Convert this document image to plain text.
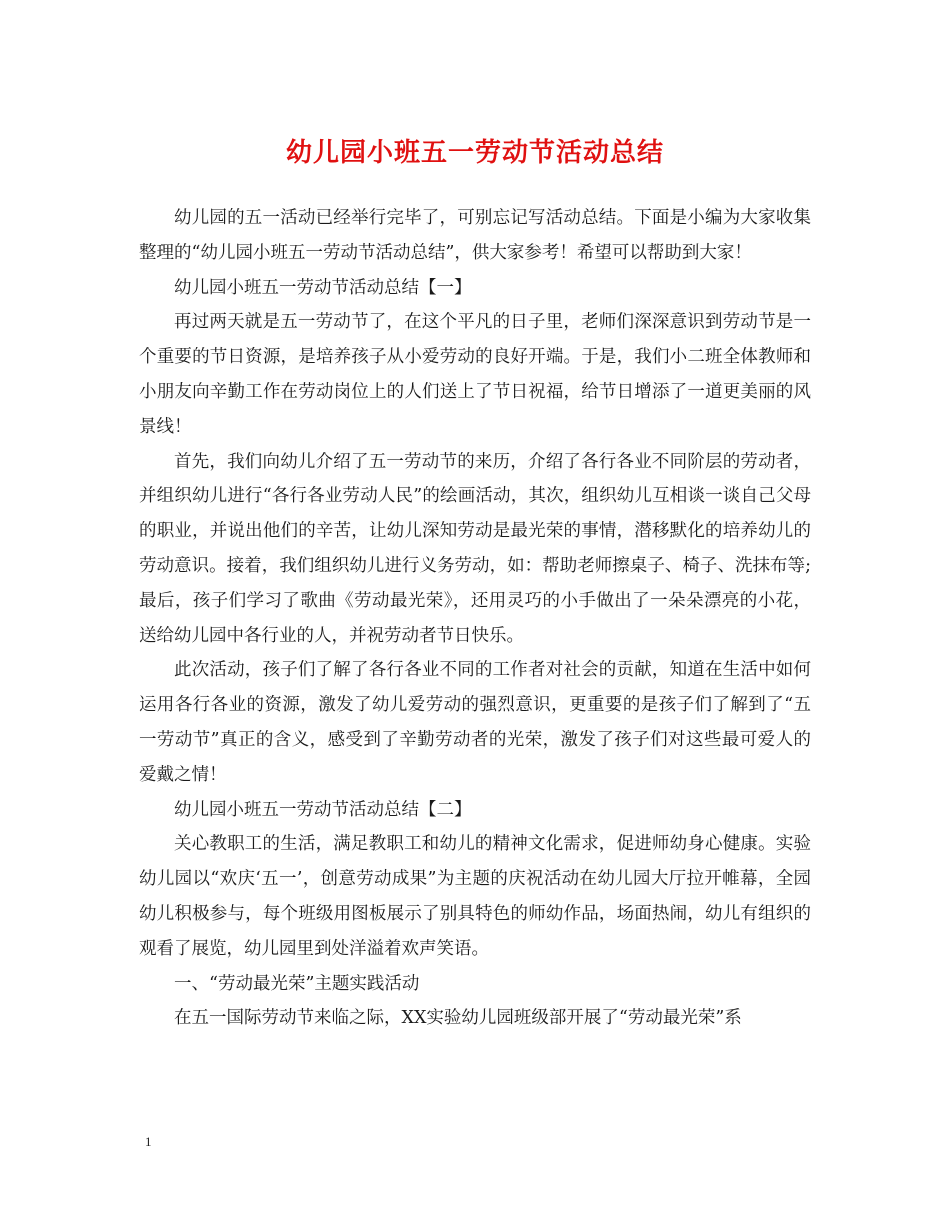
幼儿园小班五一劳动节活动总结

幼儿园的五一活动已经举行完毕了，可别忘记写活动总结。下面是小编为大家收集整理的“幼儿园小班五一劳动节活动总结”，供大家参考！希望可以帮助到大家！

幼儿园小班五一劳动节活动总结【一】

再过两天就是五一劳动节了，在这个平凡的日子里，老师们深深意识到劳动节是一个重要的节日资源，是培养孩子从小爱劳动的良好开端。于是，我们小二班全体教师和小朋友向辛勤工作在劳动岗位上的人们送上了节日祝福，给节日增添了一道更美丽的风景线！

首先，我们向幼儿介绍了五一劳动节的来历，介绍了各行各业不同阶层的劳动者，并组织幼儿进行“各行各业劳动人民”的绘画活动，其次，组织幼儿互相谈一谈自己父母的职业，并说出他们的辛苦，让幼儿深知劳动是最光荣的事情，潜移默化的培养幼儿的劳动意识。接着，我们组织幼儿进行义务劳动，如：帮助老师擦桌子、椅子、洗抹布等;最后，孩子们学习了歌曲《劳动最光荣》，还用灵巧的小手做出了一朵朵漂亮的小花，送给幼儿园中各行业的人，并祝劳动者节日快乐。

此次活动，孩子们了解了各行各业不同的工作者对社会的贡献，知道在生活中如何运用各行各业的资源，激发了幼儿爱劳动的强烈意识，更重要的是孩子们了解到了“五一劳动节”真正的含义，感受到了辛勤劳动者的光荣，激发了孩子们对这些最可爱人的爱戴之情！

幼儿园小班五一劳动节活动总结【二】

关心教职工的生活，满足教职工和幼儿的精神文化需求，促进师幼身心健康。实验幼儿园以“欢庆‘五一’，创意劳动成果”为主题的庆祝活动在幼儿园大厅拉开帷幕，全园幼儿积极参与，每个班级用图板展示了别具特色的师幼作品，场面热闹，幼儿有组织的观看了展览，幼儿园里到处洋溢着欢声笑语。

一、“劳动最光荣”主题实践活动

在五一国际劳动节来临之际，XX实验幼儿园班级部开展了“劳动最光荣”系

1
